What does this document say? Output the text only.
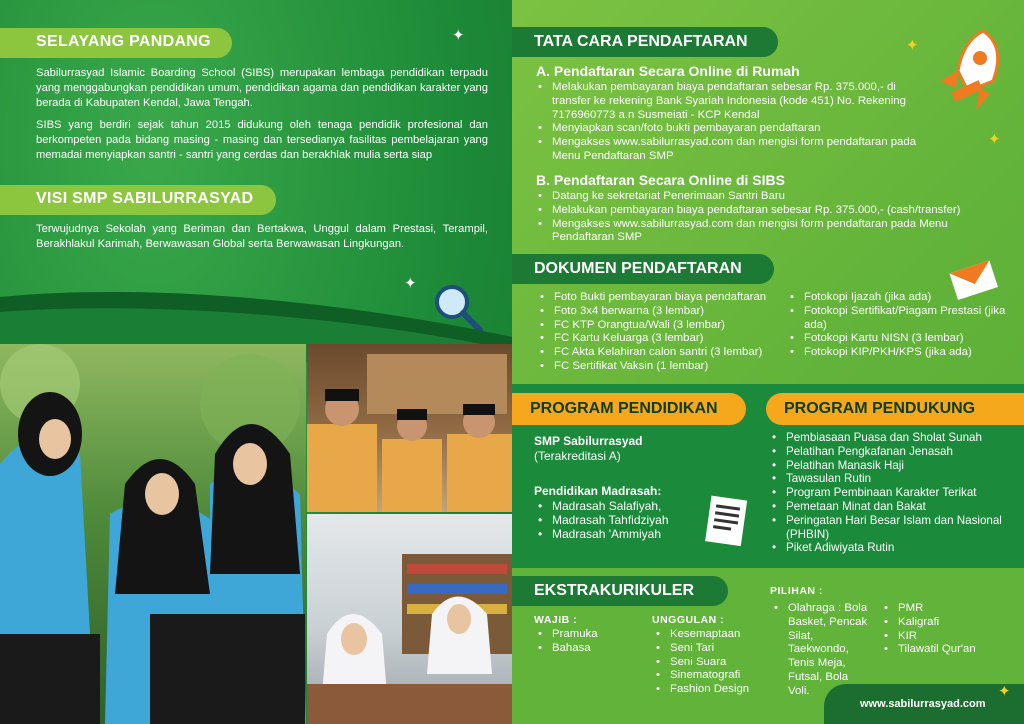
✦
SELAYANG PANDANG

Sabilurrasyad Islamic Boarding School (SIBS) merupakan lembaga pendidikan terpadu yang menggabungkan pendidikan umum, pendidikan agama dan pendidikan karakter yang berada di Kabupaten Kendal, Jawa Tengah.

SIBS yang berdiri sejak tahun 2015 didukung oleh tenaga pendidik profesional dan berkompeten pada bidang masing - masing dan tersedianya fasilitas pembelajaran yang memadai menyiapkan santri - santri yang cerdas dan berakhlak mulia serta siap

VISI SMP SABILURRASYAD

Terwujudnya Sekolah yang Beriman dan Bertakwa, Unggul dalam Prestasi, Terampil, Berakhlakul Karimah, Berwawasan Global serta Berwawasan Lingkungan.

✦
TATA CARA PENDAFTARAN	✦
✦
A. Pendaftaran Secara Online di Rumah
• Melakukan pembayaran biaya pendaftaran sebesar Rp. 375.000,- di transfer ke rekening Bank Syariah Indonesia (kode 451) No. Rekening 7176960773 a.n Susmeiati - KCP Kendal
• Menyiapkan scan/foto bukti pembayaran pendaftaran
• Mengakses www.sabilurrasyad.com dan mengisi form pendaftaran pada Menu Pendaftaran SMP
B. Pendaftaran Secara Online di SIBS
• Datang ke sekretariat Penerimaan Santri Baru
• Melakukan pembayaran biaya pendaftaran sebesar Rp. 375.000,- (cash/transfer)
• Mengakses www.sabilurrasyad.com dan mengisi form pendaftaran pada Menu Pendaftaran SMP
DOKUMEN PENDAFTARAN
• Foto Bukti pembayaran biaya pendaftaran
• Foto 3x4 berwarna (3 lembar)
• FC KTP Orangtua/Wali (3 lembar)
• FC Kartu Keluarga (3 lembar)
• FC Akta Kelahiran calon santri (3 lembar)
• FC Sertifikat Vaksin (1 lembar)
• Fotokopi Ijazah (jika ada)
• Fotokopi Sertifikat/Piagam Prestasi (jika ada)
• Fotokopi Kartu NISN (3 lembar)
• Fotokopi KIP/PKH/KPS (jika ada)
PROGRAM PENDIDIKAN	PROGRAM PENDUKUNG
SMP Sabilurrasyad
(Terakreditasi A)
Pendidikan Madrasah:
• Madrasah Salafiyah,
• Madrasah Tahfidziyah
• Madrasah 'Ammiyah
• Pembiasaan Puasa dan Sholat Sunah
• Pelatihan Pengkafanan Jenasah
• Pelatihan Manasik Haji
• Tawasulan Rutin
• Program Pembinaan Karakter Terikat
• Pemetaan Minat dan Bakat
• Peringatan Hari Besar Islam dan Nasional (PHBIN)
• Piket Adiwiyata Rutin
EKSTRAKURIKULER
WAJIB :
• Pramuka
• Bahasa
UNGGULAN :
• Kesemaptaan
• Seni Tari
• Seni Suara
• Sinematografi
• Fashion Design
PILIHAN :
• Olahraga : Bola Basket, Pencak Silat, Taekwondo, Tenis Meja, Futsal, Bola Voli.
• PMR
• Kaligrafi
• KIR
• Tilawatil Qur'an
www.sabilurrasyad.com
✦
